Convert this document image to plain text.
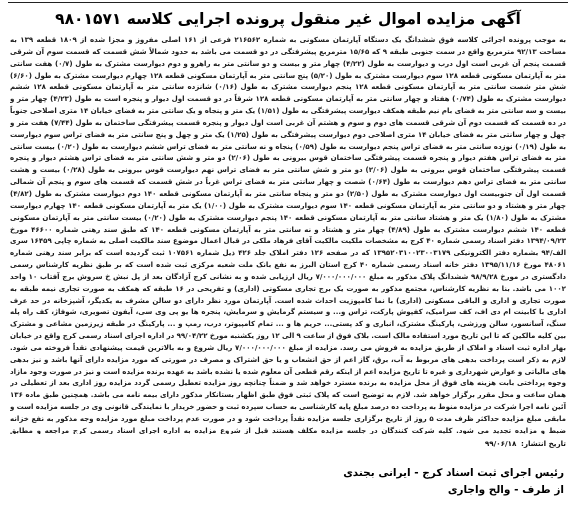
آگهی مزایده اموال غیر منقول پرونده اجرایی کلاسه ۹۸۰۱۵۷۱

به موجب پرونده اجرائی کلاسه فوق ششدانگ یک دستگاه آپارتمان مسکونی به شماره ۲۱۶۵۶۲ فرعی از ۱۶۱ اصلی مفروز و مجزا شده از ۱۸۰۹ قطعه ۱۳۹ به مساحت ۹۲/۱۳ مترمربع واقع در سمت جنوبی طبقه ۹ که ۱۵/۶۵ مترمربع پیشرفتگی در دو قسمت می باشد به حدود شمالاً شش قسمت که قسمت سوم آن شرقی قسمت پنجم آن غربی است اول درب و دیوارست به طول (۴/۲۲) چهار متر و بیست و دو سانتی متر به راهرو و دوم دیوارست مشترک به طول (۰/۷) هفت سانتی متر به آپارتمان مسکونی قطعه ۱۲۸ سوم دیوارست مشترک به طول (۵/۲۰) پنج سانتی متر به آپارتمان مسکونی قطعه ۱۲۸ چهارم دیوارست مشترک به طول (۶/۶۰) شش متر شصت سانتی متر به آپارتمان مسکونی قطعه ۱۲۸ پنجم دیوارست مشترک به طول (۰/۱۶) شانزده سانتی متر به آپارتمان مسکونی قطعه ۱۲۸ ششم دیوارست مشترک به طول (۰/۷۴) هفتاد و چهار سانتی متر به آپارتمان مسکونی قطعه ۱۲۸ شرقاً در دو قسمت اول دیوار و پنجره است به طول (۴/۲۳) چهار متر و بیست و سه سانتی متر به فضای بام نیم طبقه همکف دیوارست پیشرفتگی به طول (۱/۵۱) یک متر و پنجاه و یک سانتی متر به فضای خیابان ۱۴ متری اصلاحی جنوباً در ده قسمت که قسمت دوم آن شرقی قسمت های دوم و سوم و هشتم آن غربی است اول دیوار و پنجره قسمت پیشرفتگی ساختمان به طول (۷/۴۴) هفت متر و چهل و چهار سانتی متر به فضای خیابان ۱۴ متری اصلاحی دوم دیوارست پیشرفتگی به طول (۱/۲۵) یک متر و چهل و پنج سانتی متر به فضای تراس سوم دیوارست به طول (۰/۱۹) نوزده سانتی متر به فضای تراس پنجم دیوارست به طول (۰/۵۹) پنجاه و نه سانتی متر به فضای تراس ششم دیوارست به طول (۰/۲۰) بیست سانتی متر به فضای تراس هفتم دیوار و پنجره قسمت پیشرفتگی ساختمان قوس بیرونی به طول (۲/۰۶) دو متر و شش سانتی متر به فضای تراس هشتم دیوار و پنجره قسمت پیشرفتگی ساختمان قوس بیرونی به طول (۲/۰۶) دو متر و شش سانتی متر به فضای تراس نهم دیوارست قوس بیرونی به طول (۰/۲۸) بیست و هشت سانتی متر به فضای تراس دهم دیوارست به طول (۰/۶۴) شصت و چهار سانتی متر به فضای تراس غرباً در شش قسمت که قسمت های سوم و پنجم آن شمالی قسمت اول آن جنوبیست اول دیوارست مشترک به طول (۲/۵۰) دو متر و پنجاه سانتی متر به آپارتمان مسکونی قطعه ۱۴۰ دوم دیوارست مشترک به طول (۴/۸۲) چهار متر و هشتاد و دو سانتی متر به آپارتمان مسکونی قطعه ۱۴۰ سوم دیوارست مشترک به طول (۱/۰۰) یک متر به آپارتمان مسکونی قطعه ۱۴۰ چهارم دیوارست مشترک به طول (۱/۸۰) یک متر و هشتاد سانتی متر به آپارتمان مسکونی قطعه ۱۴۰ پنجم دیوارست مشترک به طول (۰/۲۰) بیست سانتی متر به آپارتمان مسکونی قطعه ۱۴۰ ششم دیوارست مشترک به طول (۴/۸۹) چهار متر و هشتاد و نه سانتی متر به آپارتمان مسکونی قطعه ۱۴۰ که طبق سند رهنی شماره ۴۶۶۰۰ مورخ ۱۳۹۴/۰۹/۲۳ دفتر اسناد رسمی شماره ۴۰ کرج به مشخصات ملکیت مالکیت آقای فرهاد ملکی در قبال اعمال موضوع سند مالکیت اصلی به شماره چاپی ۱۶۴۵۹ سری الف/۹۴ بشماره دفتر الکترونیکی ۱۳۹۵۲۰۳۱۰۰۲۳۰۰۳۱۷۹ که در صفحه ۱۲۶ دفتر املاک جلد ۴۲۶ ذیل شماره ۱۰۷۵۶۱ ثبت گردیده است که برابر سند رهنی شماره ۴۸۰۶۱ مورخ ۱۳۹۵/۱۱/۱۶ دفتر خانه اسناد رسمی شماره ۴۰ کرج استان البرز به نفع بانک ملت شعبه مرکزی ثبت شده است که بر طبق نظریه کارشناس رسمی دادگستری در مورخ ۹۸/۹/۲۸ ششدانگ پلاک مذکور به مبلغ ۷/۰۰۰/۰۰۰/۰۰۰ ریال ارزیابی شده و به نشانی کرج آزادگان بعد از پل نبش خ سروش برج آفتاب ۱۰ واحد ۱۰۰۲ می باشد. بنا به نظریه کارشناس، مجتمع مذکور به صورت یک برج تجاری مسکونی (اداری) و تفریحی در ۱۶ طبقه که همکف به صورت تجاری نیمه طبقه به صورت تجاری و اداری و الباقی مسکونی (اداری) با نما کامپوزیت احداث شده است. آپارتمان مورد نظر دارای دو سالن مشرف به یکدیگر، آشپزخانه در حد عرف اداری با کابینت ام دی اف، کف سرامیک، کفپوش پارکت، تراس و... و سیستم گرمایش و سرمایش، پنجره ها یو پی وی سی، آیفون تصویری، شوفاژ، کف راه پله سنگ، آسانسور، سالن ورزشی، پارکینگ مشترک، انباری و کد پستی... حریم ها و ... تمام کامپیوتر، درب، رمپ و ... پارکینگ در طبقه زیرزمین مشاعی و مشترک بین کلیه مالکین که تا این تاریخ مورد استفاده مالک است. بلاک فوق از ساعت ۹ الی ۱۲ روز یکشنبه مورخ ۹۹/۰۴/۲۲ در اداره اجرای اسناد رسمی کرج واقع در خیابان بهار اداره ثبت اسناد و املاک از طریق مزایده به فروش می رسد. مزایده از مبلغ ۷/۰۰۰/۰۰۰/۰۰۰ ریال شروع و به بالاترین قیمت پیشنهادی نقداً فروخته می شود. لازم به ذکر است پرداخت بدهی های مربوط به آب، برق، گاز اعم از حق انشعاب و یا حق اشتراک و مصرف در صورتی که مورد مزایده دارای آنها باشد و نیز بدهی های مالیاتی و عوارض شهرداری و غیره تا تاریخ مزایده اعم از اینکه رقم قطعی آن معلوم شده یا نشده باشد به عهده برنده مزایده است و نیز در صورت وجود مازاد وجوه پرداختی بابت هزینه های فوق از محل مزایده به برنده مسترد خواهد شد و ضمناً چنانچه روز مزایده تعطیل رسمی گردد مزایده روز اداری بعد از تعطیلی در همان ساعت و محل مقرر برگزار خواهد شد. لازم به توضیح است که پلاک ثبتی فوق طبق اظهار بستانکار مذکور دارای بیمه نامه می باشد. همچنین طبق ماده ۱۳۶ آئین نامه اجرا شرکت در مزایده منوط به پرداخت ده درصد مبلغ پایه کارشناسی به حساب سپرده ثبت و حضور خریدار با نمایندگی قانونی وی در جلسه مزایده است و مابقی مبلغ مزایده حداکثر ظرف مدت ۵ روز از تاریخ برگزاری جلسه مزایده نقداً پرداخت شود و در صورت عدم پرداخت مبلغ مورد مزایده وجه مذکور به نفع خزانه ضبط و مزایده تجدید می شود. کلیه شرکت کنندگان در جلسه مزایده مکلف هستند قبل از شروع مزایده به اداره اجرای اسناد رسمی کرج مراجعه و مطابق

تاریخ انتشار: ۹۹/۰۶/۱۸
رئیس اجرای ثبت اسناد کرج - ایرانی بجندی
از طرف - والح واجاری
